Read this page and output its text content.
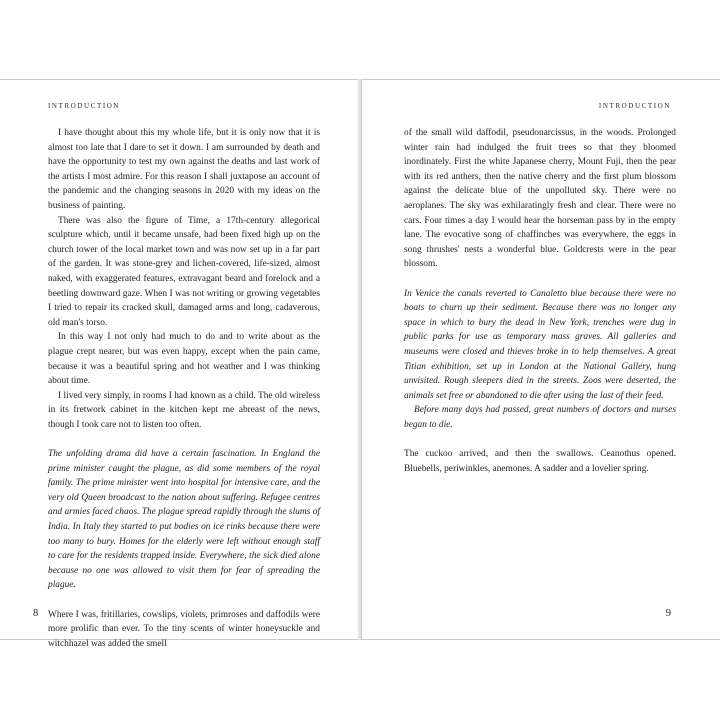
INTRODUCTION

I have thought about this my whole life, but it is only now that it is almost too late that I dare to set it down. I am surrounded by death and have the opportunity to test my own against the deaths and last work of the artists I most admire. For this reason I shall juxtapose an account of the pandemic and the changing seasons in 2020 with my ideas on the business of painting.

There was also the figure of Time, a 17th-century allegorical sculpture which, until it became unsafe, had been fixed high up on the church tower of the local market town and was now set up in a far part of the garden. It was stone-grey and lichen-covered, life-sized, almost naked, with exaggerated features, extravagant beard and forelock and a beetling downward gaze. When I was not writing or growing vegetables I tried to repair its cracked skull, damaged arms and long, cadaverous, old man's torso.

In this way I not only had much to do and to write about as the plague crept nearer, but was even happy, except when the pain came, because it was a beautiful spring and hot weather and I was thinking about time.

I lived very simply, in rooms I had known as a child. The old wireless in its fretwork cabinet in the kitchen kept me abreast of the news, though I took care not to listen too often.

The unfolding drama did have a certain fascination. In England the prime minister caught the plague, as did some members of the royal family. The prime minister went into hospital for intensive care, and the very old Queen broadcast to the nation about suffering. Refugee centres and armies faced chaos. The plague spread rapidly through the slums of India. In Italy they started to put bodies on ice rinks because there were too many to bury. Homes for the elderly were left without enough staff to care for the residents trapped inside. Everywhere, the sick died alone because no one was allowed to visit them for fear of spreading the plague.

Where I was, fritillaries, cowslips, violets, primroses and daffodils were more prolific than ever. To the tiny scents of winter honeysuckle and witchhazel was added the smell

8
INTRODUCTION

of the small wild daffodil, pseudonarcissus, in the woods. Prolonged winter rain had indulged the fruit trees so that they bloomed inordinately. First the white Japanese cherry, Mount Fuji, then the pear with its red anthers, then the native cherry and the first plum blossom against the delicate blue of the unpolluted sky. There were no aeroplanes. The sky was exhilaratingly fresh and clear. There were no cars. Four times a day I would hear the horseman pass by in the empty lane. The evocative song of chaffinches was everywhere, the eggs in song thrushes' nests a wonderful blue. Goldcrests were in the pear blossom.

In Venice the canals reverted to Canaletto blue because there were no boats to churn up their sediment. Because there was no longer any space in which to bury the dead in New York, trenches were dug in public parks for use as temporary mass graves. All galleries and museums were closed and thieves broke in to help themselves. A great Titian exhibition, set up in London at the National Gallery, hung unvisited. Rough sleepers died in the streets. Zoos were deserted, the animals set free or abandoned to die after using the last of their feed.

Before many days had passed, great numbers of doctors and nurses began to die.

The cuckoo arrived, and then the swallows. Ceanothus opened. Bluebells, periwinkles, anemones. A sadder and a lovelier spring.

9
